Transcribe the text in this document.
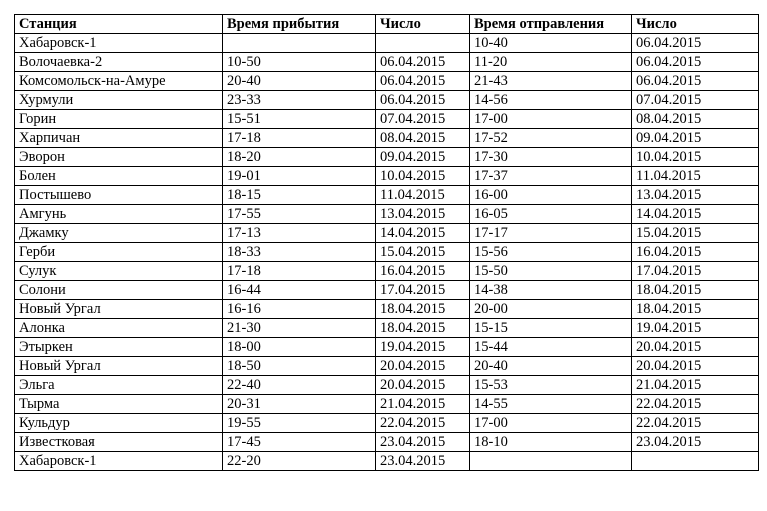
Станция	Время прибытия	Число	Время отправления	Число
Хабаровск-1			10-40	06.04.2015
Волочаевка-2	10-50	06.04.2015	11-20	06.04.2015
Комсомольск-на-Амуре	20-40	06.04.2015	21-43	06.04.2015
Хурмули	23-33	06.04.2015	14-56	07.04.2015
Горин	15-51	07.04.2015	17-00	08.04.2015
Харпичан	17-18	08.04.2015	17-52	09.04.2015
Эворон	18-20	09.04.2015	17-30	10.04.2015
Болен	19-01	10.04.2015	17-37	11.04.2015
Постышево	18-15	11.04.2015	16-00	13.04.2015
Амгунь	17-55	13.04.2015	16-05	14.04.2015
Джамку	17-13	14.04.2015	17-17	15.04.2015
Герби	18-33	15.04.2015	15-56	16.04.2015
Сулук	17-18	16.04.2015	15-50	17.04.2015
Солони	16-44	17.04.2015	14-38	18.04.2015
Новый Ургал	16-16	18.04.2015	20-00	18.04.2015
Алонка	21-30	18.04.2015	15-15	19.04.2015
Этыркен	18-00	19.04.2015	15-44	20.04.2015
Новый Ургал	18-50	20.04.2015	20-40	20.04.2015
Эльга	22-40	20.04.2015	15-53	21.04.2015
Тырма	20-31	21.04.2015	14-55	22.04.2015
Кульдур	19-55	22.04.2015	17-00	22.04.2015
Известковая	17-45	23.04.2015	18-10	23.04.2015
Хабаровск-1	22-20	23.04.2015		
